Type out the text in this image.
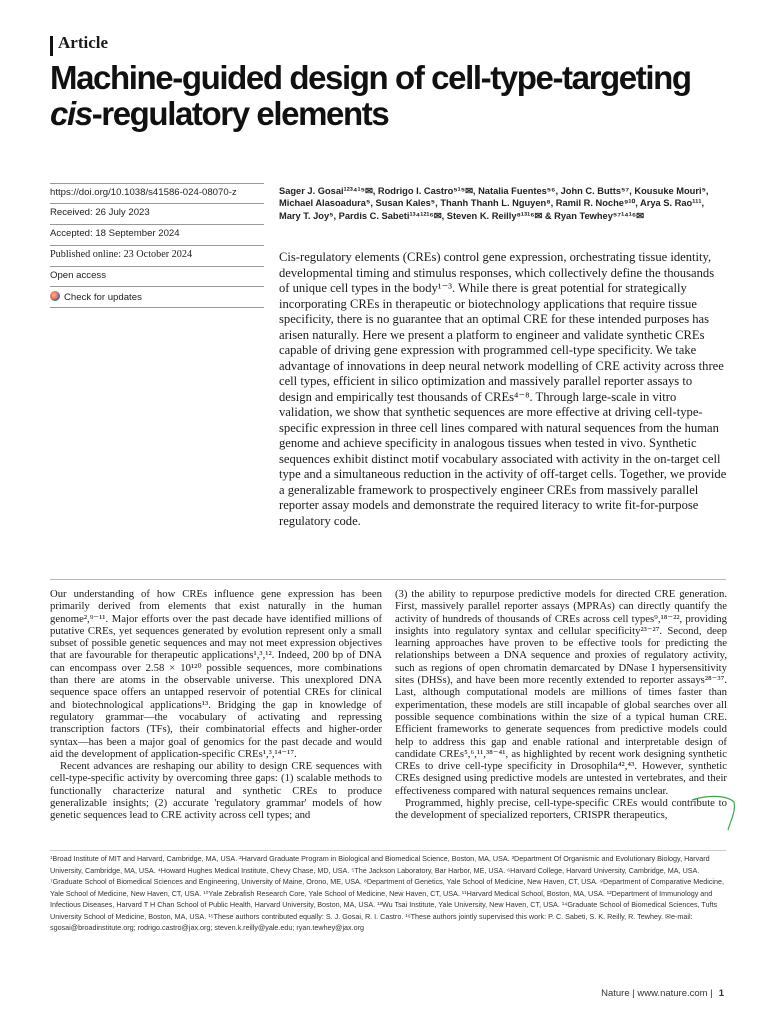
Article
Machine-guided design of cell-type-targeting
cis-regulatory elements
https://doi.org/10.1038/s41586-024-08070-z
Received: 26 July 2023
Accepted: 18 September 2024
Published online: 23 October 2024
Open access
Check for updates
Sager J. Gosai¹²³⁴¹⁵✉, Rodrigo I. Castro⁵¹⁵✉, Natalia Fuentes⁵⁶, John C. Butts⁵⁷, Kousuke Mouri⁵, Michael Alasoadura⁵, Susan Kales⁵, Thanh Thanh L. Nguyen⁸, Ramil R. Noche⁹¹⁰, Arya S. Rao¹¹¹, Mary T. Joy⁵, Pardis C. Sabeti¹³⁴¹²¹⁶✉, Steven K. Reilly⁸¹³¹⁶✉ & Ryan Tewhey⁵⁷¹⁴¹⁶✉
Cis-regulatory elements (CREs) control gene expression, orchestrating tissue identity, developmental timing and stimulus responses, which collectively define the thousands of unique cell types in the body¹⁻³. While there is great potential for strategically incorporating CREs in therapeutic or biotechnology applications that require tissue specificity, there is no guarantee that an optimal CRE for these intended purposes has arisen naturally. Here we present a platform to engineer and validate synthetic CREs capable of driving gene expression with programmed cell-type specificity. We take advantage of innovations in deep neural network modelling of CRE activity across three cell types, efficient in silico optimization and massively parallel reporter assays to design and empirically test thousands of CREs⁴⁻⁸. Through large-scale in vitro validation, we show that synthetic sequences are more effective at driving cell-type-specific expression in three cell lines compared with natural sequences from the human genome and achieve specificity in analogous tissues when tested in vivo. Synthetic sequences exhibit distinct motif vocabulary associated with activity in the on-target cell type and a simultaneous reduction in the activity of off-target cells. Together, we provide a generalizable framework to prospectively engineer CREs from massively parallel reporter assay models and demonstrate the required literacy to write fit-for-purpose regulatory code.

Our understanding of how CREs influence gene expression has been primarily derived from elements that exist naturally in the human genome²,⁹⁻¹¹. Major efforts over the past decade have identified millions of putative CREs, yet sequences generated by evolution represent only a small subset of possible genetic sequences and may not meet expression objectives that are favourable for therapeutic applications¹,³,¹². Indeed, 200 bp of DNA can encompass over 2.58 × 10¹²⁰ possible sequences, more combinations than there are atoms in the observable universe. This unexplored DNA sequence space offers an untapped reservoir of potential CREs for clinical and biotechnological applications¹³. Bridging the gap in knowledge of regulatory grammar—the vocabulary of activating and repressing transcription factors (TFs), their combinatorial effects and higher-order syntax—has been a major goal of genomics for the past decade and would aid the development of application-specific CREs¹,³,¹⁴⁻¹⁷.

Recent advances are reshaping our ability to design CRE sequences with cell-type-specific activity by overcoming three gaps: (1) scalable methods to functionally characterize natural and synthetic CREs to produce generalizable insights; (2) accurate 'regulatory grammar' models of how genetic sequences lead to CRE activity across cell types; and

(3) the ability to repurpose predictive models for directed CRE generation. First, massively parallel reporter assays (MPRAs) can directly quantify the activity of hundreds of thousands of CREs across cell types⁹,¹⁸⁻²², providing insights into regulatory syntax and cellular specificity²³⁻²⁷. Second, deep learning approaches have proven to be effective tools for predicting the relationships between a DNA sequence and proxies of regulatory activity, such as regions of open chromatin demarcated by DNase I hypersensitivity sites (DHSs), and have been more recently extended to reporter assays²⁸⁻³⁷. Last, although computational models are millions of times faster than experimentation, these models are still incapable of global searches over all possible sequence combinations within the size of a typical human CRE. Efficient frameworks to generate sequences from predictive models could help to address this gap and enable rational and interpretable design of candidate CREs⁵,⁶,¹¹,³⁸⁻⁴¹, as highlighted by recent work designing synthetic CREs to drive cell-type specificity in Drosophila⁴²,⁴³. However, synthetic CREs designed using predictive models are untested in vertebrates, and their effectiveness compared with natural sequences remains unclear.

Programmed, highly precise, cell-type-specific CREs would contribute to the development of specialized reporters, CRISPR therapeutics,

¹Broad Institute of MIT and Harvard, Cambridge, MA, USA. ²Harvard Graduate Program in Biological and Biomedical Science, Boston, MA, USA. ³Department Of Organismic and Evolutionary Biology, Harvard University, Cambridge, MA, USA. ⁴Howard Hughes Medical Institute, Chevy Chase, MD, USA. ⁵The Jackson Laboratory, Bar Harbor, ME, USA. ⁶Harvard College, Harvard University, Cambridge, MA, USA. ⁷Graduate School of Biomedical Sciences and Engineering, University of Maine, Orono, ME, USA. ⁸Department of Genetics, Yale School of Medicine, New Haven, CT, USA. ⁹Department of Comparative Medicine, Yale School of Medicine, New Haven, CT, USA. ¹⁰Yale Zebrafish Research Core, Yale School of Medicine, New Haven, CT, USA. ¹¹Harvard Medical School, Boston, MA, USA. ¹²Department of Immunology and Infectious Diseases, Harvard T H Chan School of Public Health, Harvard University, Boston, MA, USA. ¹³Wu Tsai Institute, Yale University, New Haven, CT, USA. ¹⁴Graduate School of Biomedical Sciences, Tufts University School of Medicine, Boston, MA, USA. ¹⁵These authors contributed equally: S. J. Gosai, R. I. Castro. ¹⁶These authors jointly supervised this work: P. C. Sabeti, S. K. Reilly, R. Tewhey. ✉e-mail: sgosai@broadinstitute.org; rodrigo.castro@jax.org; steven.k.reilly@yale.edu; ryan.tewhey@jax.org
Nature | www.nature.com | 1
